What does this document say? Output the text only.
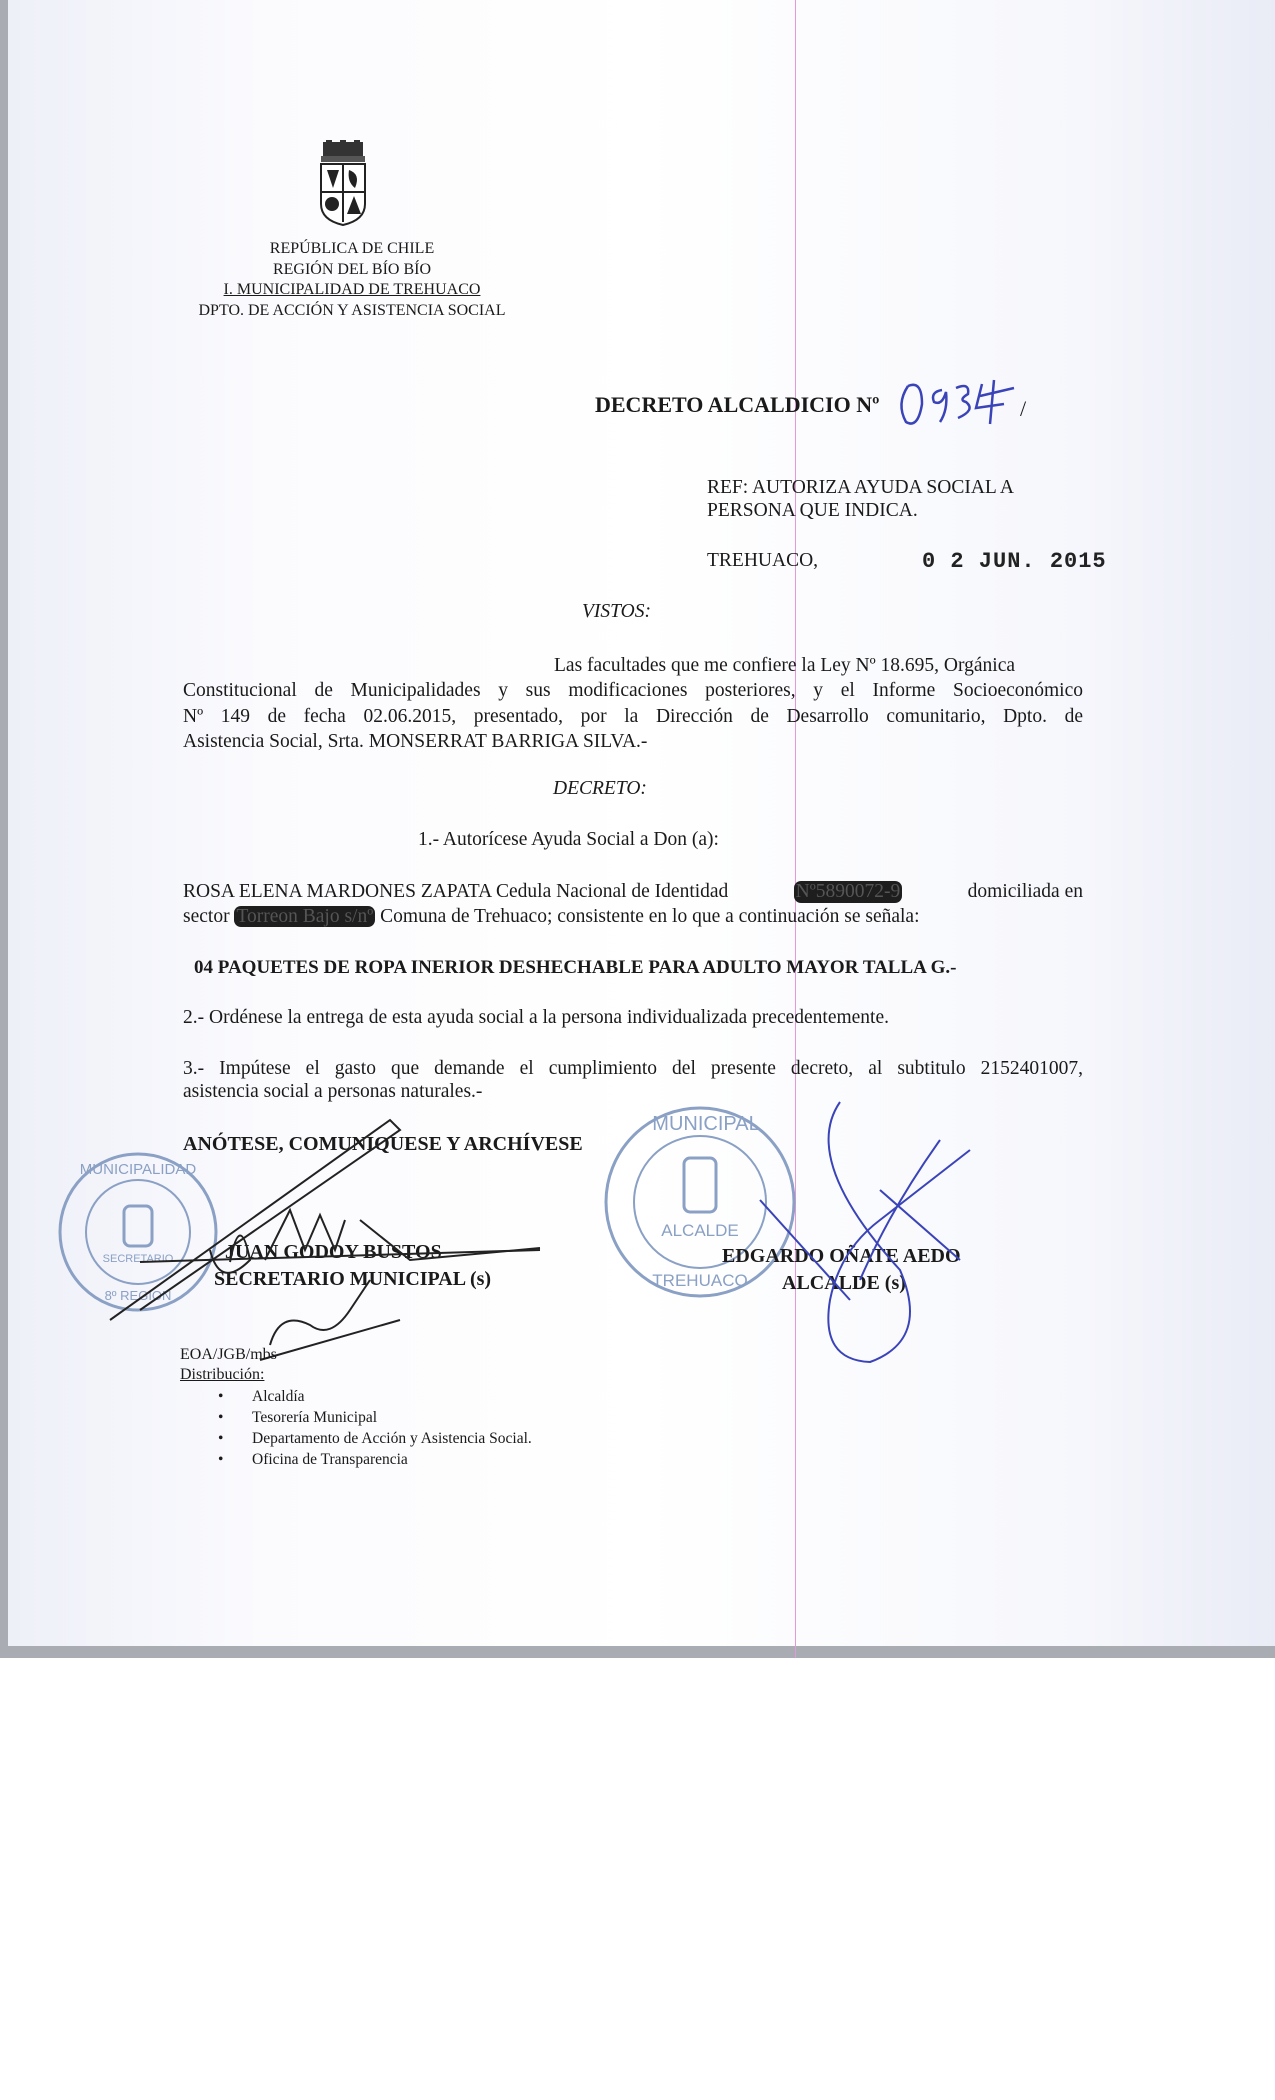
REPÚBLICA DE CHILE
REGIÓN DEL BÍO BÍO
I. MUNICIPALIDAD DE TREHUACO
DPTO. DE ACCIÓN Y ASISTENCIA SOCIAL
DECRETO ALCALDICIO Nº	/
REF: AUTORIZA AYUDA SOCIAL A
PERSONA QUE INDICA.
TREHUACO,	0 2 JUN. 2015
VISTOS:
Las facultades que me confiere la Ley Nº 18.695, Orgánica
Constitucional de Municipalidades y sus modificaciones posteriores, y el Informe Socioeconómico
Nº 149 de fecha 02.06.2015, presentado, por la Dirección de Desarrollo comunitario, Dpto. de
Asistencia Social, Srta. MONSERRAT BARRIGA SILVA.-
DECRETO:
1.- Autorícese Ayuda Social a Don (a):
ROSA ELENA MARDONES ZAPATA Cedula Nacional de Identidad	Nº5890072-9	domiciliada en
sector Torreon Bajo s/nº Comuna de Trehuaco; consistente en lo que a continuación se señala:
04 PAQUETES DE ROPA INERIOR DESHECHABLE PARA ADULTO MAYOR TALLA G.-
2.- Ordénese la entrega de esta ayuda social a la persona individualizada precedentemente.
3.- Impútese el gasto que demande el cumplimiento del presente decreto, al subtitulo 2152401007,
asistencia social a personas naturales.-
ANÓTESE, COMUNIQUESE Y ARCHÍVESE
MUNICIPALIDAD
SECRETARIO
8º REGION
MUNICIPAL
ALCALDE
TREHUACO
JUAN GODOY BUSTOS
SECRETARIO MUNICIPAL (s)
EDGARDO OÑATE AEDO
ALCALDE (s)
EOA/JGB/mbs
Distribución:
• Alcaldía
• Tesorería Municipal
• Departamento de Acción y Asistencia Social.
• Oficina de Transparencia
